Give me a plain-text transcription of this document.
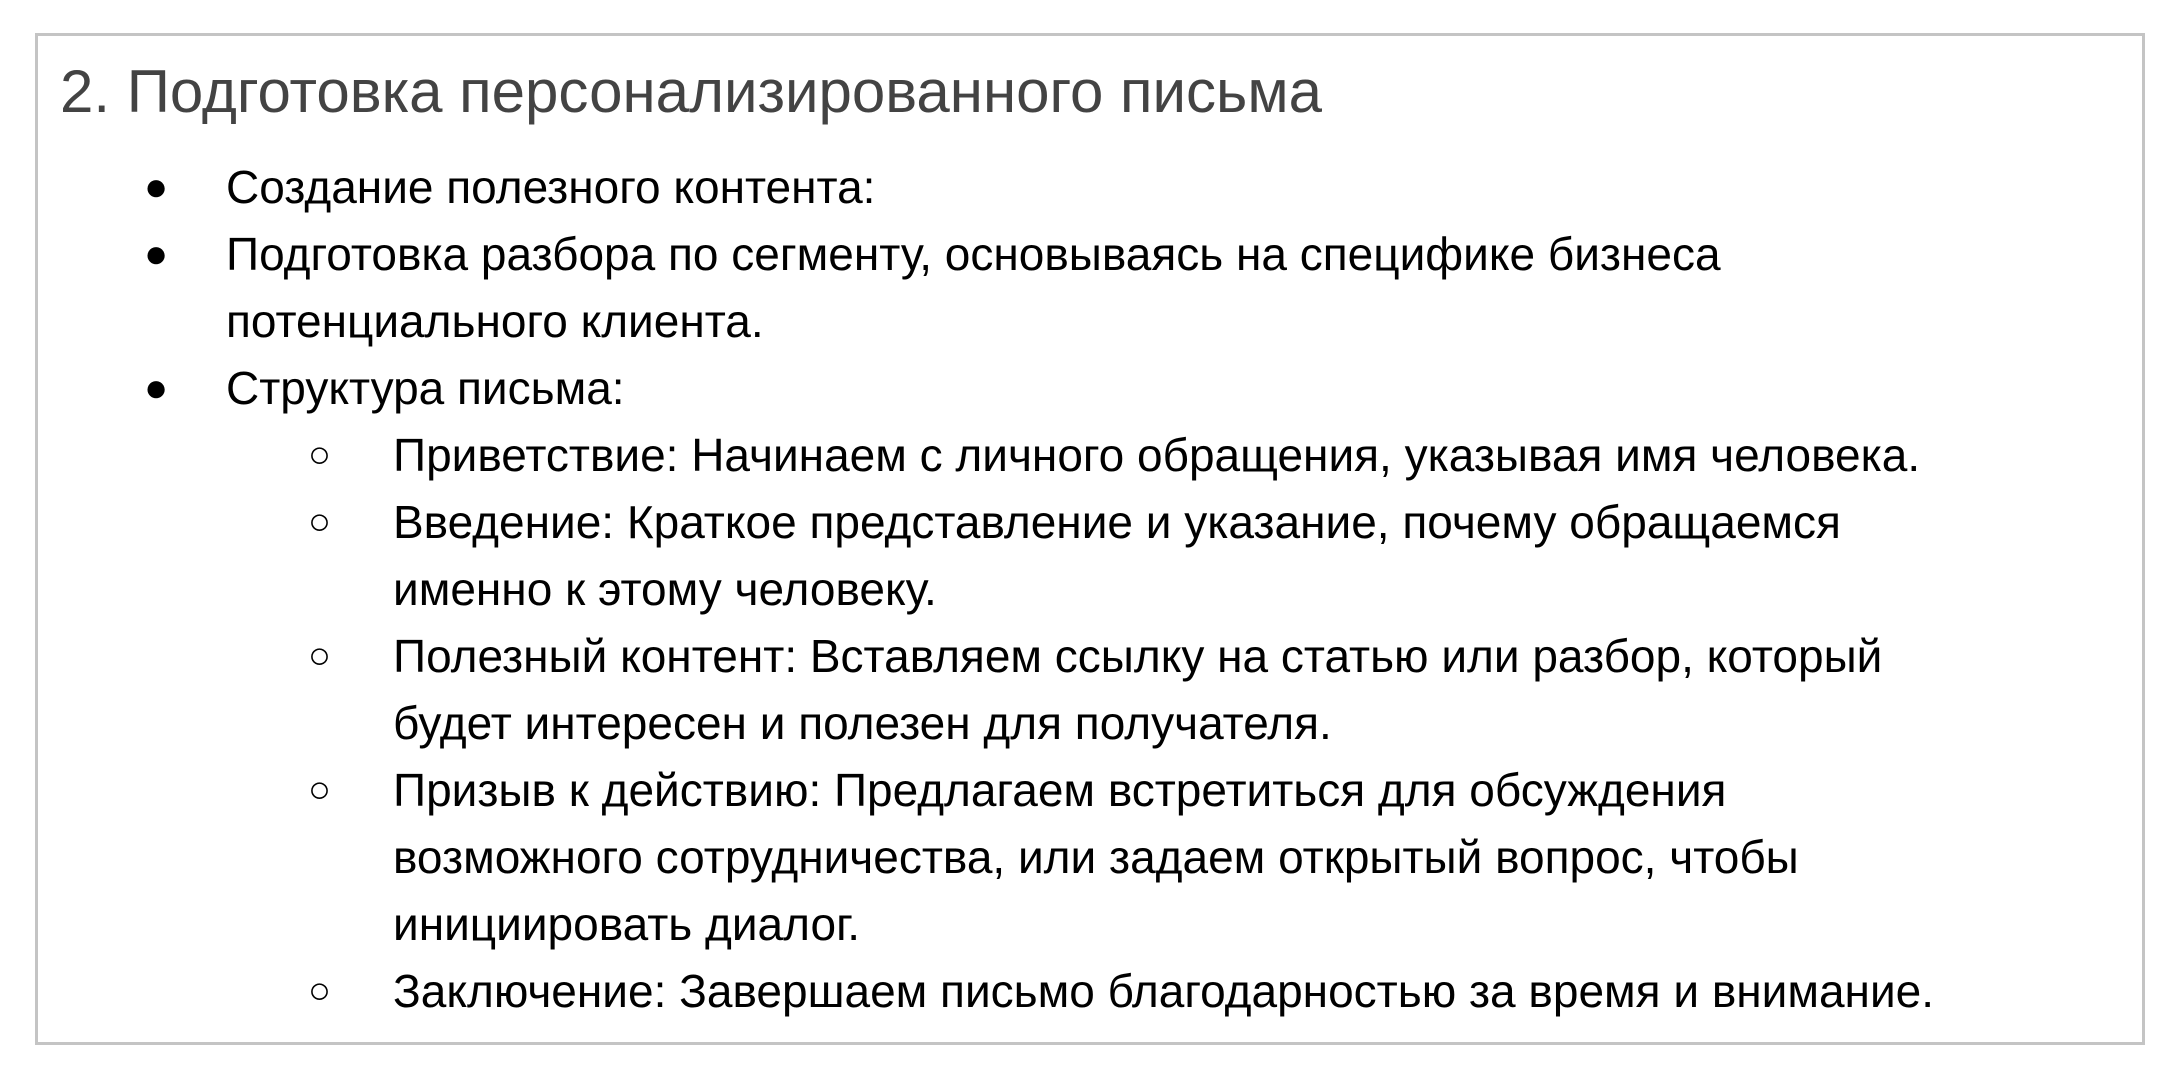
2. Подготовка персонализированного письма
● Создание полезного контента:
● Подготовка разбора по сегменту, основываясь на специфике бизнеса
потенциального клиента.
● Структура письма:
○ Приветствие: Начинаем с личного обращения, указывая имя человека.
○ Введение: Краткое представление и указание, почему обращаемся
именно к этому человеку.
○ Полезный контент: Вставляем ссылку на статью или разбор, который
будет интересен и полезен для получателя.
○ Призыв к действию: Предлагаем встретиться для обсуждения
возможного сотрудничества, или задаем открытый вопрос, чтобы
инициировать диалог.
○ Заключение: Завершаем письмо благодарностью за время и внимание.
